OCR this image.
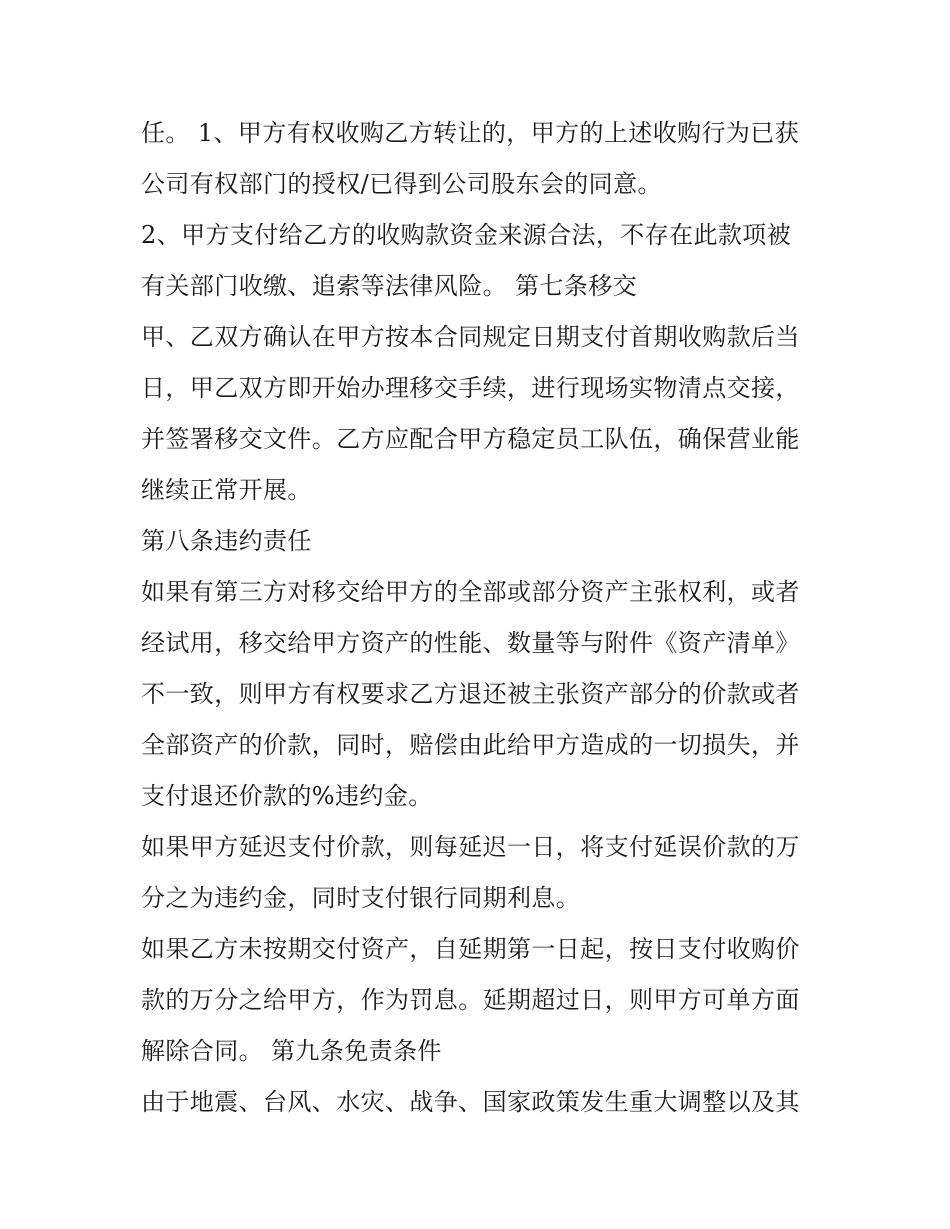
任。 1、甲方有权收购乙方转让的，甲方的上述收购行为已获
公司有权部门的授权/已得到公司股东会的同意。
2、甲方支付给乙方的收购款资金来源合法，不存在此款项被
有关部门收缴、追索等法律风险。 第七条移交
甲、乙双方确认在甲方按本合同规定日期支付首期收购款后当
日，甲乙双方即开始办理移交手续，进行现场实物清点交接，
并签署移交文件。乙方应配合甲方稳定员工队伍，确保营业能
继续正常开展。
第八条违约责任
如果有第三方对移交给甲方的全部或部分资产主张权利，或者
经试用，移交给甲方资产的性能、数量等与附件《资产清单》
不一致，则甲方有权要求乙方退还被主张资产部分的价款或者
全部资产的价款，同时，赔偿由此给甲方造成的一切损失，并
支付退还价款的%违约金。
如果甲方延迟支付价款，则每延迟一日，将支付延误价款的万
分之为违约金，同时支付银行同期利息。
如果乙方未按期交付资产，自延期第一日起，按日支付收购价
款的万分之给甲方，作为罚息。延期超过日，则甲方可单方面
解除合同。 第九条免责条件
由于地震、台风、水灾、战争、国家政策发生重大调整以及其
